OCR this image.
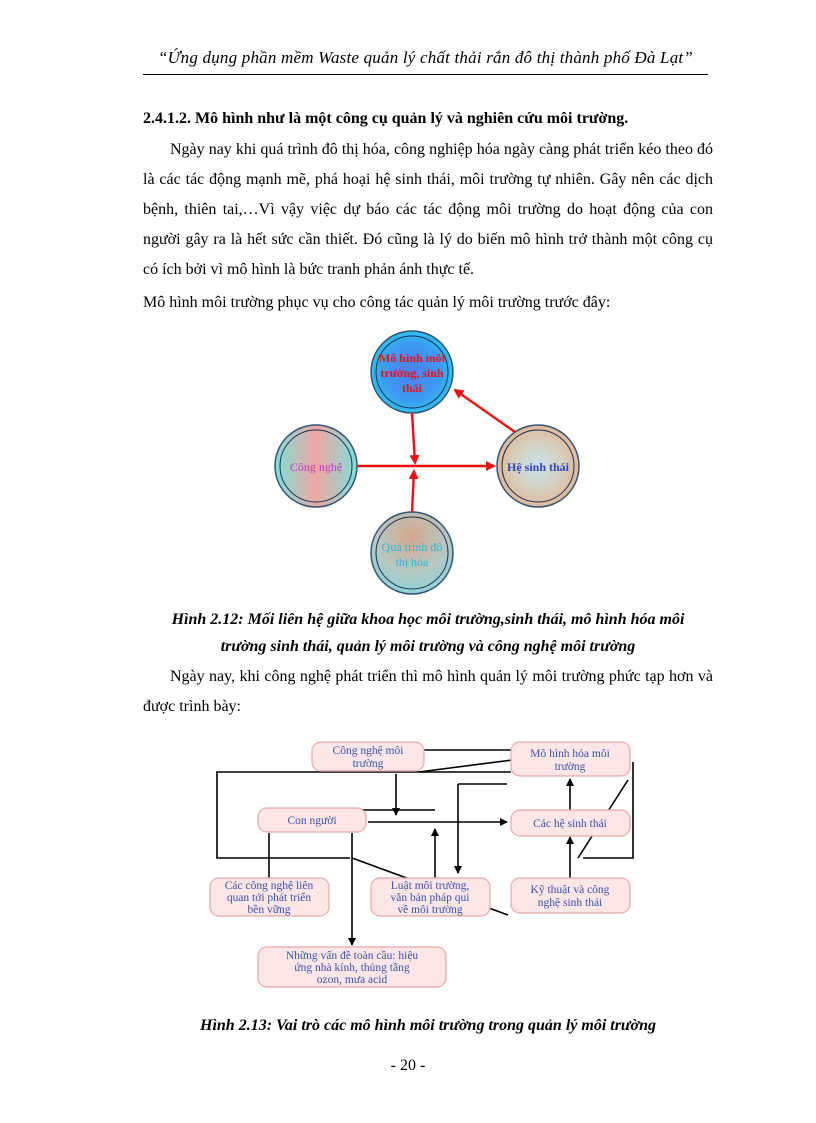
“Ứng dụng phần mềm Waste quản lý chất thải rắn đô thị thành phố Đà Lạt”
2.4.1.2. Mô hình như là một công cụ quản lý và nghiên cứu môi trường.

Ngày nay khi quá trình đô thị hóa, công nghiệp hóa ngày càng phát triển kéo theo đó là các tác động mạnh mẽ, phá hoại hệ sinh thái, môi trường tự nhiên. Gây nên các dịch bệnh, thiên tai,…Vì vậy việc dự báo các tác động môi trường do hoạt động của con người gây ra là hết sức cần thiết. Đó cũng là lý do biến mô hình trở thành một công cụ có ích bởi vì mô hình là bức tranh phản ánh thực tế.

Mô hình môi trường phục vụ cho công tác quản lý môi trường trước đây:

Mô hình môi
trường, sinh
thái
Công nghệ	Hệ sinh thái
Quá trình đô
thị hóa
Công nghệ môi
trường
Mô hình hóa môi
trường
Con người	Các hệ sinh thái
Các công nghệ liên
quan tới phát triển
bền vững
Luật môi trường,
văn bản pháp qui
về môi trường
Kỹ thuật và công
nghệ sinh thái
Những vấn đề toàn cầu: hiệu
ứng nhà kính, thủng tầng
ozon, mưa acid
Hình 2.12: Mối liên hệ giữa khoa học môi trường,sinh thái, mô hình hóa môi
trường sinh thái, quản lý môi trường và công nghệ môi trường

Ngày nay, khi công nghệ phát triển thì mô hình quản lý môi trường phức tạp hơn và được trình bày:

Hình 2.13: Vai trò các mô hình môi trường trong quản lý môi trường
- 20 -
